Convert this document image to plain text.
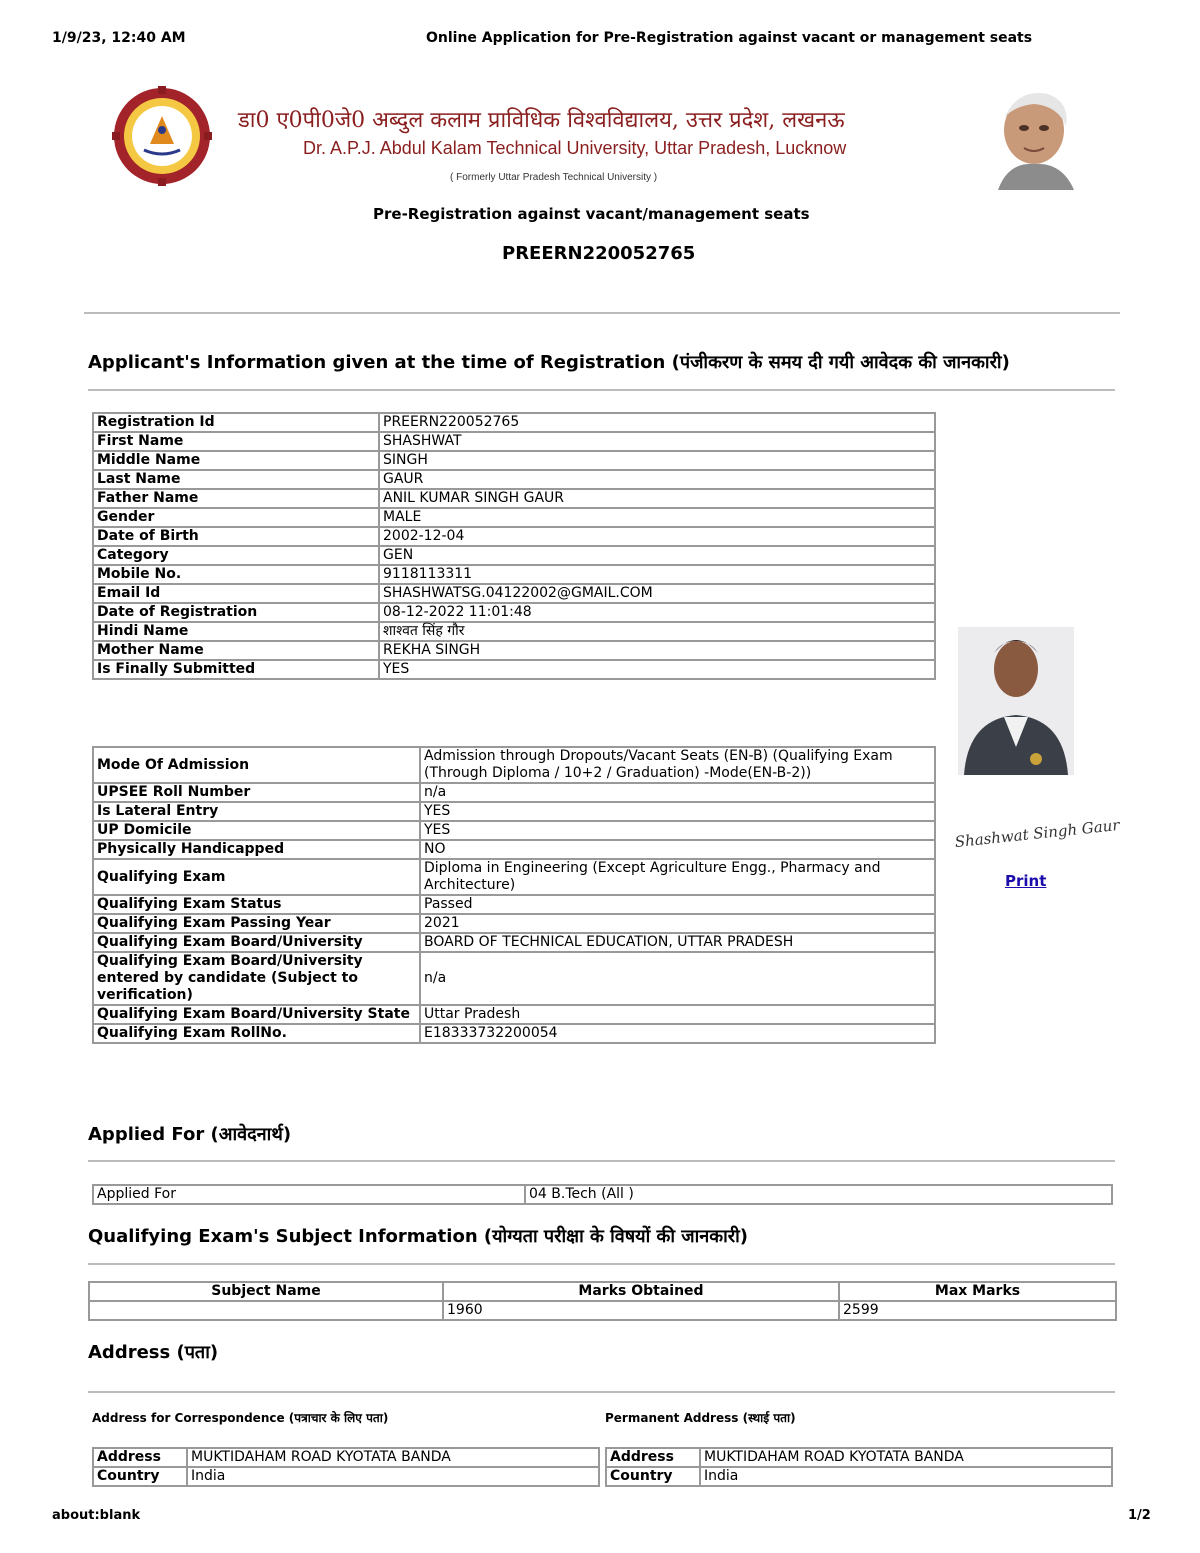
1/9/23, 12:40 AM	Online Application for Pre-Registration against vacant or management seats
डा0 ए0पी0जे0 अब्दुल कलाम प्राविधिक विश्वविद्यालय, उत्तर प्रदेश, लखनऊ
Dr. A.P.J. Abdul Kalam Technical University, Uttar Pradesh, Lucknow
( Formerly Uttar Pradesh Technical University )
Pre-Registration against vacant/management seats
PREERN220052765
Applicant's Information given at the time of Registration (पंजीकरण के समय दी गयी आवेदक की जानकारी)
Registration Id	PREERN220052765
First Name	SHASHWAT
Middle Name	SINGH
Last Name	GAUR
Father Name	ANIL KUMAR SINGH GAUR
Gender	MALE
Date of Birth	2002-12-04
Category	GEN
Mobile No.	9118113311
Email Id	SHASHWATSG.04122002@GMAIL.COM
Date of Registration	08-12-2022 11:01:48
Hindi Name	शाश्वत सिंह गौर
Mother Name	REKHA SINGH
Is Finally Submitted	YES
Mode Of Admission	Admission through Dropouts/Vacant Seats (EN-B) (Qualifying Exam (Through Diploma / 10+2 / Graduation) -Mode(EN-B-2))
UPSEE Roll Number	n/a
Is Lateral Entry	YES
UP Domicile	YES
Physically Handicapped	NO
Qualifying Exam	Diploma in Engineering (Except Agriculture Engg., Pharmacy and Architecture)
Qualifying Exam Status	Passed
Qualifying Exam Passing Year	2021
Qualifying Exam Board/University	BOARD OF TECHNICAL EDUCATION, UTTAR PRADESH
Qualifying Exam Board/University entered by candidate (Subject to verification)	n/a
Qualifying Exam Board/University State	Uttar Pradesh
Qualifying Exam RollNo.	E18333732200054
Shashwat Singh Gaur
Print
Applied For (आवेदनार्थ)
Applied For	04 B.Tech (All )
Qualifying Exam's Subject Information (योग्यता परीक्षा के विषयों की जानकारी)
Subject Name	Marks Obtained	Max Marks
	1960	2599
Address (पता)
Address for Correspondence (पत्राचार के लिए पता)	Permanent Address (स्थाई पता)
Address	MUKTIDAHAM ROAD KYOTATA BANDA
Country	India
Address	MUKTIDAHAM ROAD KYOTATA BANDA
Country	India
about:blank	1/2
